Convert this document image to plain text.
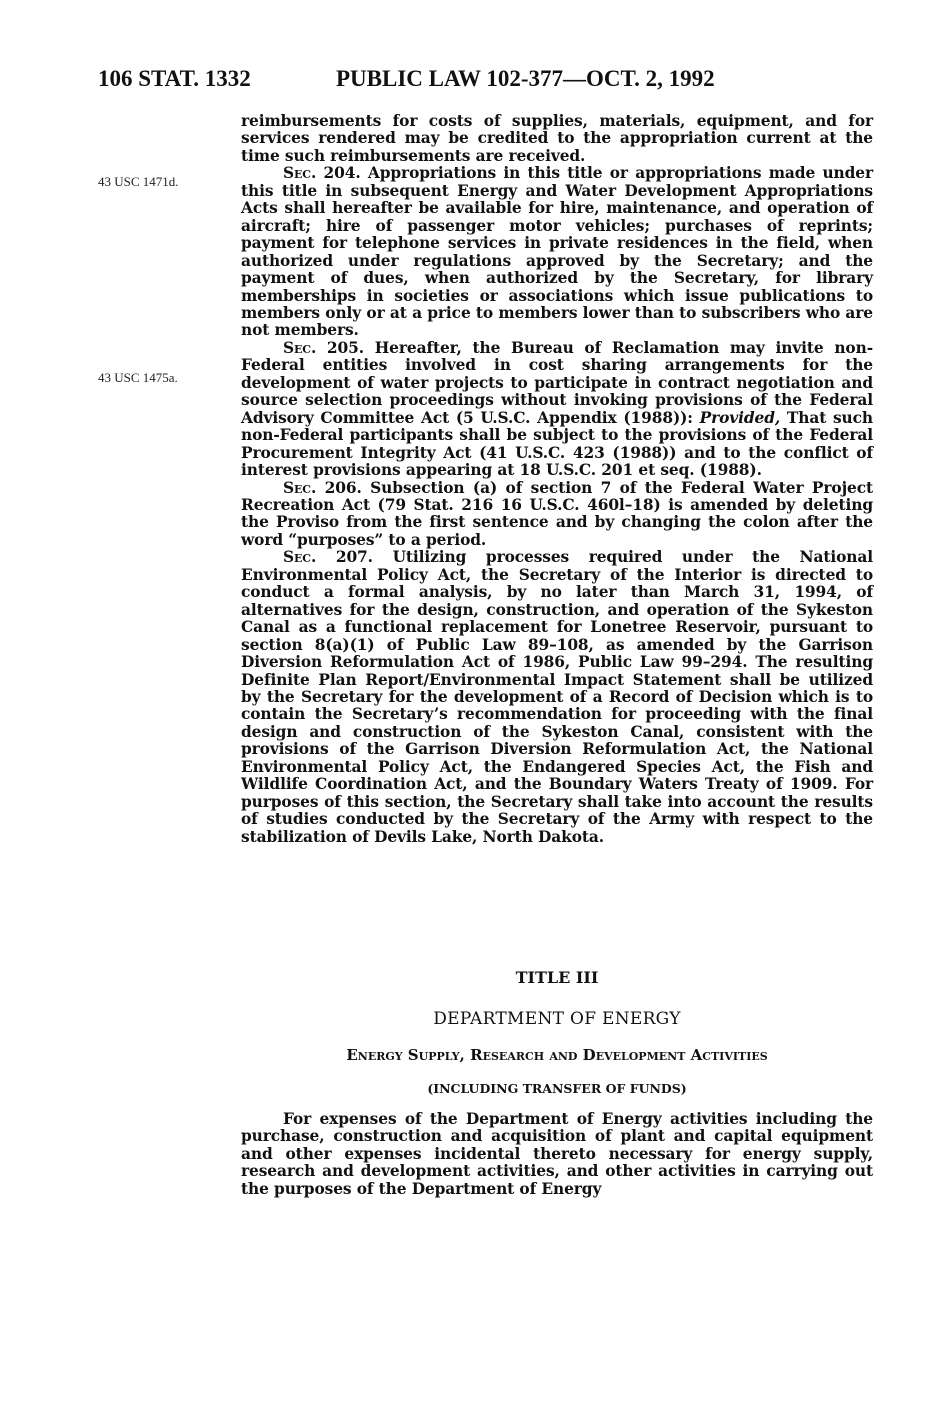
106 STAT. 1332	PUBLIC LAW 102-377—OCT. 2, 1992
43 USC 1471d.
43 USC 1475a.

reimbursements for costs of supplies, materials, equipment, and for services rendered may be credited to the appropriation current at the time such reimbursements are received.

Sec. 204. Appropriations in this title or appropriations made under this title in subsequent Energy and Water Development Appropriations Acts shall hereafter be available for hire, maintenance, and operation of aircraft; hire of passenger motor vehicles; purchases of reprints; payment for telephone services in private residences in the field, when authorized under regulations approved by the Secretary; and the payment of dues, when authorized by the Secretary, for library memberships in societies or associations which issue publications to members only or at a price to members lower than to subscribers who are not members.

Sec. 205. Hereafter, the Bureau of Reclamation may invite non-Federal entities involved in cost sharing arrangements for the development of water projects to participate in contract negotiation and source selection proceedings without invoking provisions of the Federal Advisory Committee Act (5 U.S.C. Appendix (1988)): Provided, That such non-Federal participants shall be subject to the provisions of the Federal Procurement Integrity Act (41 U.S.C. 423 (1988)) and to the conflict of interest provisions appearing at 18 U.S.C. 201 et seq. (1988).

Sec. 206. Subsection (a) of section 7 of the Federal Water Project Recreation Act (79 Stat. 216 16 U.S.C. 460l–18) is amended by deleting the Proviso from the first sentence and by changing the colon after the word “purposes” to a period.

Sec. 207. Utilizing processes required under the National Environmental Policy Act, the Secretary of the Interior is directed to conduct a formal analysis, by no later than March 31, 1994, of alternatives for the design, construction, and operation of the Sykeston Canal as a functional replacement for Lonetree Reservoir, pursuant to section 8(a)(1) of Public Law 89–108, as amended by the Garrison Diversion Reformulation Act of 1986, Public Law 99–294. The resulting Definite Plan Report/Environmental Impact Statement shall be utilized by the Secretary for the development of a Record of Decision which is to contain the Secretary’s recommendation for proceeding with the final design and construction of the Sykeston Canal, consistent with the provisions of the Garrison Diversion Reformulation Act, the National Environmental Policy Act, the Endangered Species Act, the Fish and Wildlife Coordination Act, and the Boundary Waters Treaty of 1909. For purposes of this section, the Secretary shall take into account the results of studies conducted by the Secretary of the Army with respect to the stabilization of Devils Lake, North Dakota.

TITLE III
DEPARTMENT OF ENERGY
Energy Supply, Research and Development Activities
(INCLUDING TRANSFER OF FUNDS)

For expenses of the Department of Energy activities including the purchase, construction and acquisition of plant and capital equipment and other expenses incidental thereto necessary for energy supply, research and development activities, and other activities in carrying out the purposes of the Department of Energy
